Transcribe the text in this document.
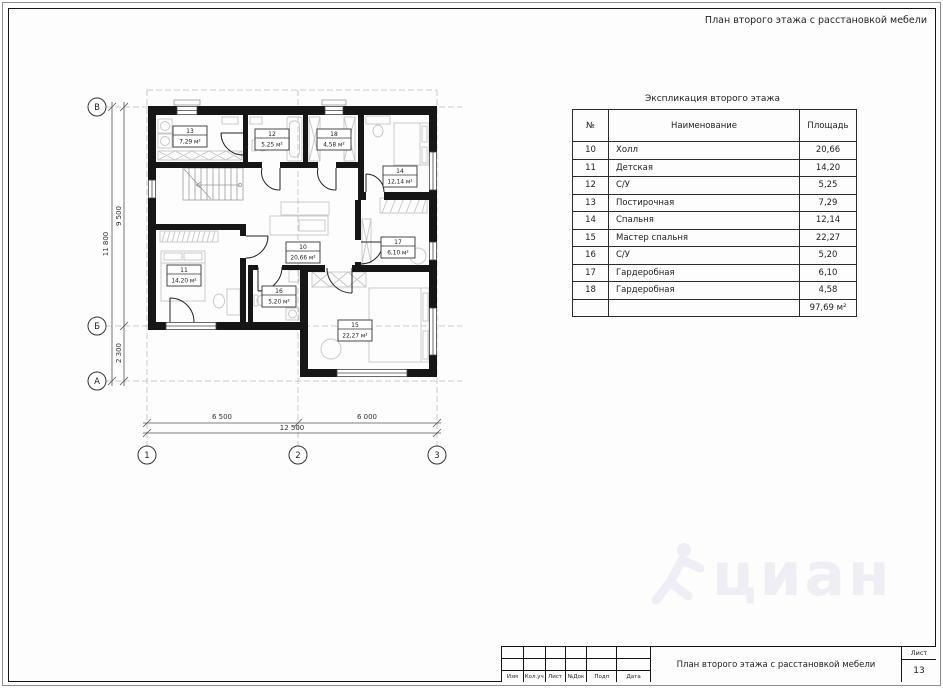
План второго этажа с расстановкой мебели
13
7,29 м²
12
5,25 м²
18
4,58 м²
14
12,14 м²
10
20,66 м²
11
14,20 м²
16
5,20 м²
17
6,10 м²
15
22,27 м²
11 800
9 500
2 300
6 500	6 000
12 500
В
Б
А
1	2	3
Экспликация второго этажа
№	Наименование	Площадь
10	Холл	20,66
11	Детская	14,20
12	С/У	5,25
13	Постирочная	7,29
14	Спальня	12,14
15	Мастер спальня	22,27
16	С/У	5,20
17	Гардеробная	6,10
18	Гардеробная	4,58
		97,69 м²
циан
Изм	Кол.уч Лист	№Док	Подп	Дата
План второго этажа с расстановкой мебели
Лист
13
